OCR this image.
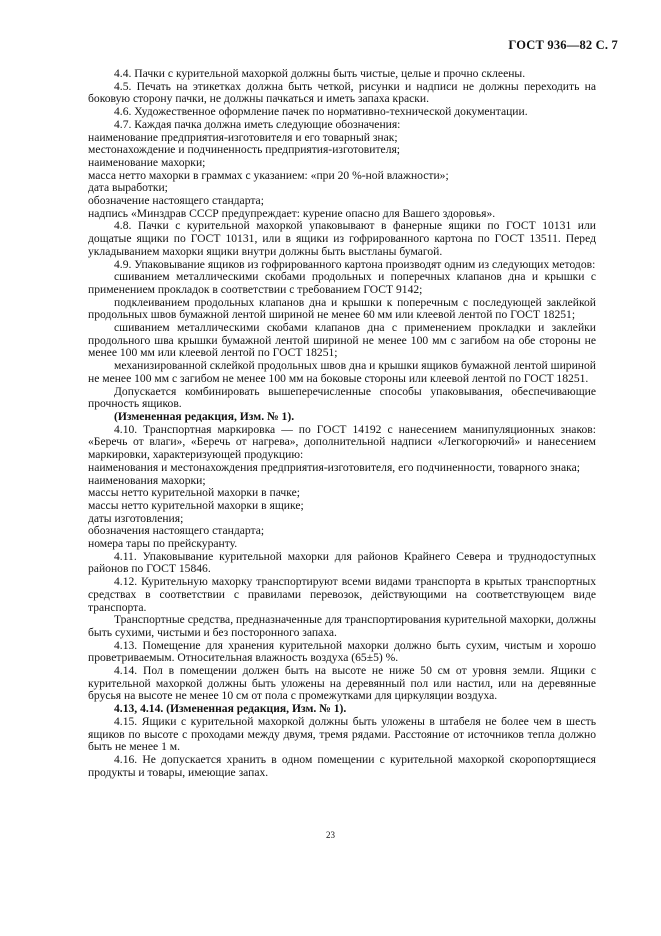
ГОСТ 936—82 С. 7

4.4. Пачки с курительной махоркой должны быть чистые, целые и прочно склеены.

4.5. Печать на этикетках должна быть четкой, рисунки и надписи не должны переходить на боковую сторону пачки, не должны пачкаться и иметь запаха краски.

4.6. Художественное оформление пачек по нормативно-технической документации.

4.7. Каждая пачка должна иметь следующие обозначения:

наименование предприятия-изготовителя и его товарный знак;

местонахождение и подчиненность предприятия-изготовителя;

наименование махорки;

масса нетто махорки в граммах с указанием: «при 20 %-ной влажности»;

дата выработки;

обозначение настоящего стандарта;

надпись «Минздрав СССР предупреждает: курение опасно для Вашего здоровья».

4.8. Пачки с курительной махоркой упаковывают в фанерные ящики по ГОСТ 10131 или дощатые ящики по ГОСТ 10131, или в ящики из гофрированного картона по ГОСТ 13511. Перед укладыванием махорки ящики внутри должны быть выстланы бумагой.

4.9. Упаковывание ящиков из гофрированного картона производят одним из следующих методов:

сшиванием металлическими скобами продольных и поперечных клапанов дна и крышки с применением прокладок в соответствии с требованием ГОСТ 9142;

подклеиванием продольных клапанов дна и крышки к поперечным с последующей заклейкой продольных швов бумажной лентой шириной не менее 60 мм или клеевой лентой по ГОСТ 18251;

сшиванием металлическими скобами клапанов дна с применением прокладки и заклейки продольного шва крышки бумажной лентой шириной не менее 100 мм с загибом на обе стороны не менее 100 мм или клеевой лентой по ГОСТ 18251;

механизированной склейкой продольных швов дна и крышки ящиков бумажной лентой шириной не менее 100 мм с загибом не менее 100 мм на боковые стороны или клеевой лентой по ГОСТ 18251.

Допускается комбинировать вышеперечисленные способы упаковывания, обеспечивающие прочность ящиков.

(Измененная редакция, Изм. № 1).

4.10. Транспортная маркировка — по ГОСТ 14192 с нанесением манипуляционных знаков: «Беречь от влаги», «Беречь от нагрева», дополнительной надписи «Легкогорючий» и нанесением маркировки, характеризующей продукцию:

наименования и местонахождения предприятия-изготовителя, его подчиненности, товарного знака;

наименования махорки;

массы нетто курительной махорки в пачке;

массы нетто курительной махорки в ящике;

даты изготовления;

обозначения настоящего стандарта;

номера тары по прейскуранту.

4.11. Упаковывание курительной махорки для районов Крайнего Севера и труднодоступных районов по ГОСТ 15846.

4.12. Курительную махорку транспортируют всеми видами транспорта в крытых транспортных средствах в соответствии с правилами перевозок, действующими на соответствующем виде транспорта.

Транспортные средства, предназначенные для транспортирования курительной махорки, должны быть сухими, чистыми и без посторонного запаха.

4.13. Помещение для хранения курительной махорки должно быть сухим, чистым и хорошо проветриваемым. Относительная влажность воздуха (65±5) %.

4.14. Пол в помещении должен быть на высоте не ниже 50 см от уровня земли. Ящики с курительной махоркой должны быть уложены на деревянный пол или настил, или на деревянные брусья на высоте не менее 10 см от пола с промежутками для циркуляции воздуха.

4.13, 4.14. (Измененная редакция, Изм. № 1).

4.15. Ящики с курительной махоркой должны быть уложены в штабеля не более чем в шесть ящиков по высоте с проходами между двумя, тремя рядами. Расстояние от источников тепла должно быть не менее 1 м.

4.16. Не допускается хранить в одном помещении с курительной махоркой скоропортящиеся продукты и товары, имеющие запах.

23
